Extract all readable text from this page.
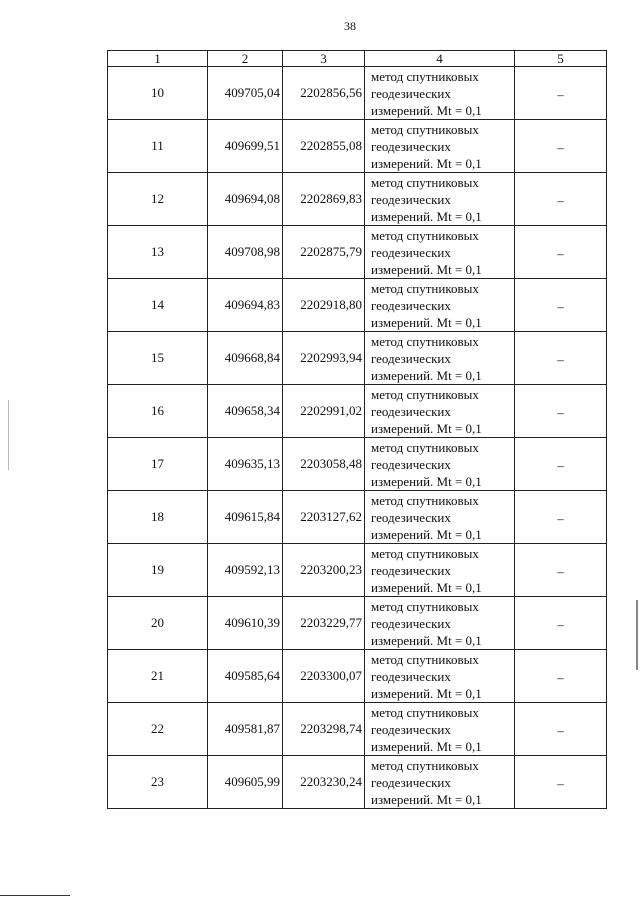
38
1	2	3	4	5
10	409705,04	2202856,56	метод спутниковых
геодезических
измерений. Mt = 0,1	–
11	409699,51	2202855,08	метод спутниковых
геодезических
измерений. Mt = 0,1	–
12	409694,08	2202869,83	метод спутниковых
геодезических
измерений. Mt = 0,1	–
13	409708,98	2202875,79	метод спутниковых
геодезических
измерений. Mt = 0,1	–
14	409694,83	2202918,80	метод спутниковых
геодезических
измерений. Mt = 0,1	–
15	409668,84	2202993,94	метод спутниковых
геодезических
измерений. Mt = 0,1	–
16	409658,34	2202991,02	метод спутниковых
геодезических
измерений. Mt = 0,1	–
17	409635,13	2203058,48	метод спутниковых
геодезических
измерений. Mt = 0,1	–
18	409615,84	2203127,62	метод спутниковых
геодезических
измерений. Mt = 0,1	–
19	409592,13	2203200,23	метод спутниковых
геодезических
измерений. Mt = 0,1	–
20	409610,39	2203229,77	метод спутниковых
геодезических
измерений. Mt = 0,1	–
21	409585,64	2203300,07	метод спутниковых
геодезических
измерений. Mt = 0,1	–
22	409581,87	2203298,74	метод спутниковых
геодезических
измерений. Mt = 0,1	–
23	409605,99	2203230,24	метод спутниковых
геодезических
измерений. Mt = 0,1	–
